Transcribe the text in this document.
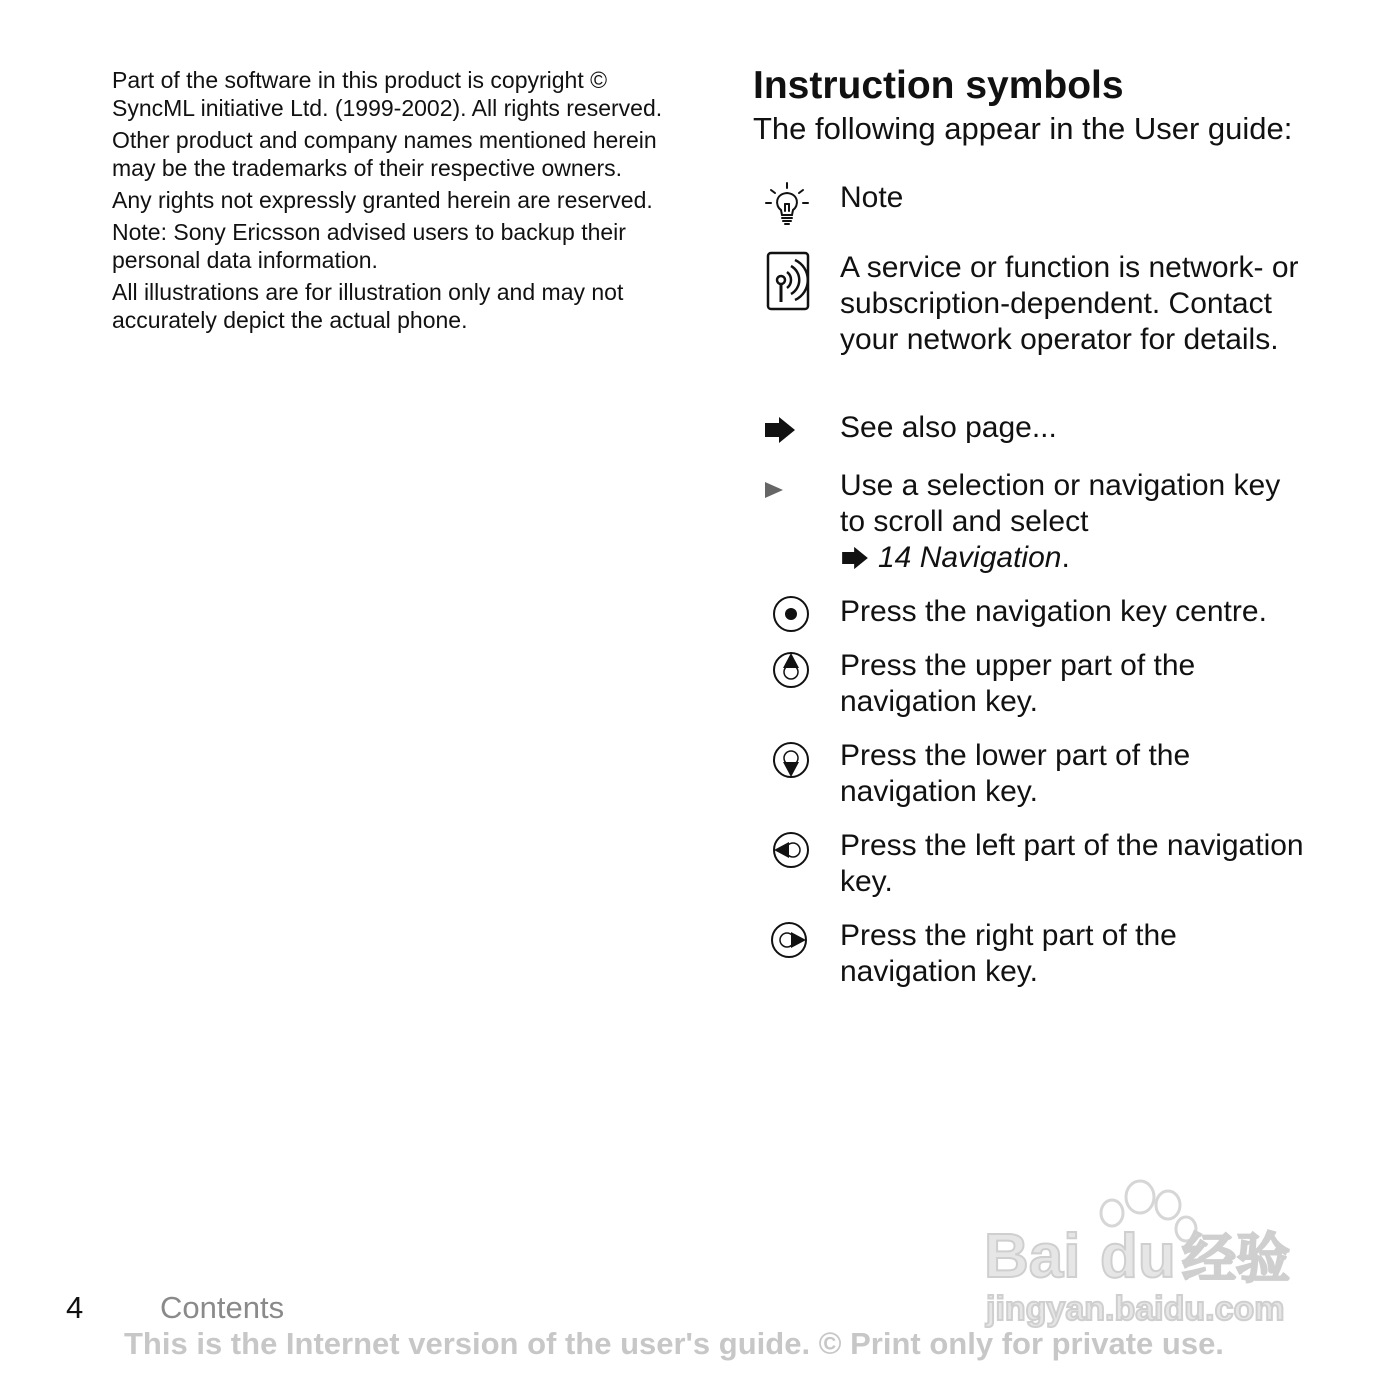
Part of the software in this product is copyright © SyncML initiative Ltd. (1999-2002). All rights reserved.

Other product and company names mentioned herein may be the trademarks of their respective owners.

Any rights not expressly granted herein are reserved.

Note: Sony Ericsson advised users to backup their personal data information.

All illustrations are for illustration only and may not accurately depict the actual phone.

Instruction symbols

The following appear in the User guide:

Note
A service or function is network- or subscription-dependent. Contact your network operator for details.
See also page...
Use a selection or navigation key to scroll and select
14 Navigation.
Press the navigation key centre.
Press the upper part of the navigation key.
Press the lower part of the navigation key.
Press the left part of the navigation key.
Press the right part of the navigation key.
Bai du 经验
jingyan.baidu.com
4 Contents
This is the Internet version of the user's guide. © Print only for private use.
